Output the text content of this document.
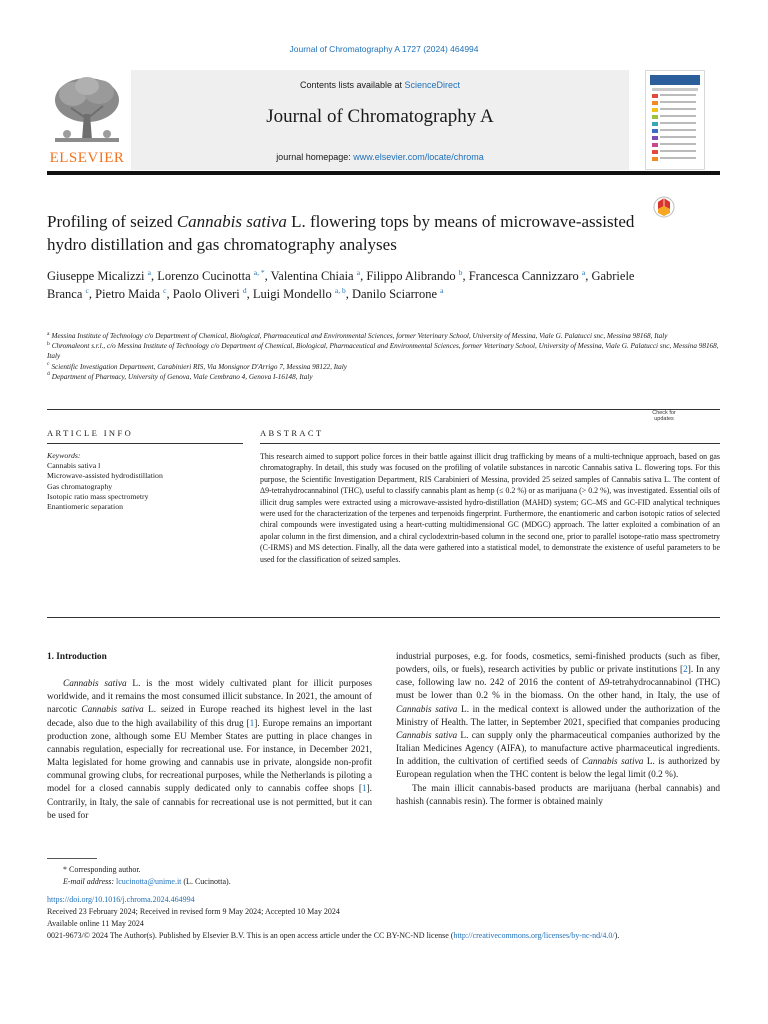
Journal of Chromatography A 1727 (2024) 464994
ELSEVIER
Contents lists available at ScienceDirect
Journal of Chromatography A
journal homepage: www.elsevier.com/locate/chroma
Check for
updates
Profiling of seized Cannabis sativa L. flowering tops by means of microwave-assisted hydro distillation and gas chromatography analyses
Giuseppe Micalizzi $^a$, Lorenzo Cucinotta $^{a, *}$, Valentina Chiaia $^a$, Filippo Alibrando $^b$, Francesca Cannizzaro $^a$, Gabriele Branca $^c$, Pietro Maida $^c$, Paolo Oliveri $^d$, Luigi Mondello $^{a, b}$, Danilo Sciarrone $^a$
$^a$ Messina Institute of Technology c/o Department of Chemical, Biological, Pharmaceutical and Environmental Sciences, former Veterinary School, University of Messina, Viale G. Palatucci snc, Messina 98168, Italy
$^b$ Chromaleont s.r.l., c/o Messina Institute of Technology c/o Department of Chemical, Biological, Pharmaceutical and Environmental Sciences, former Veterinary School, University of Messina, Viale G. Palatucci snc, Messina 98168, Italy
$^c$ Scientific Investigation Department, Carabinieri RIS, Via Monsignor D'Arrigo 7, Messina 98122, Italy
$^d$ Department of Pharmacy, University of Genova, Viale Cembrano 4, Genova I-16148, Italy
ARTICLE INFO	ABSTRACT
Keywords:
Cannabis sativa l
Microwave-assisted hydrodistillation
Gas chromatography
Isotopic ratio mass spectrometry
Enantiomeric separation

This research aimed to support police forces in their battle against illicit drug trafficking by means of a multi-technique approach, based on gas chromatography. In detail, this study was focused on the profiling of volatile substances in narcotic Cannabis sativa L. flowering tops. For this purpose, the Scientific Investigation Department, RIS Carabinieri of Messina, provided 25 seized samples of Cannabis sativa L. The content of Δ9-tetrahydrocannabinol (THC), useful to classify cannabis plant as hemp (≤ 0.2 %) or as marijuana (> 0.2 %), was investigated. Essential oils of illicit drug samples were extracted using a microwave-assisted hydro-distillation (MAHD) system; GC–MS and GC-FID analytical techniques were used for the characterization of the terpenes and terpenoids fingerprint. Furthermore, the enantiomeric and carbon isotopic ratios of selected chiral compounds were investigated using a heart-cutting multidimensional GC (MDGC) approach. The latter exploited a combination of an apolar column in the first dimension, and a chiral cyclodextrin-based column in the second one, prior to parallel isotope-ratio mass spectrometry (C-IRMS) and MS detection. Finally, all the data were gathered into a statistical model, to demonstrate the existence of useful parameters to be used for the classification of seized samples.

1. Introduction

Cannabis sativa L. is the most widely cultivated plant for illicit purposes worldwide, and it remains the most consumed illicit substance. In 2021, the amount of narcotic Cannabis sativa L. seized in Europe reached its highest level in the last decade, also due to the high availability of this drug [1]. Europe remains an important production zone, although some EU Member States are putting in place changes in cannabis regulation, especially for recreational use. For instance, in December 2021, Malta legislated for home growing and cannabis use in private, alongside non-profit communal growing clubs, for recreational purposes, while the Netherlands is piloting a model for a closed cannabis supply dedicated only to cannabis coffee shops [1]. Contrarily, in Italy, the sale of cannabis for recreational use is not permitted, but it can be used for

industrial purposes, e.g. for foods, cosmetics, semi-finished products (such as fiber, powders, oils, or fuels), research activities by public or private institutions [2]. In any case, following law no. 242 of 2016 the content of Δ9-tetrahydrocannabinol (THC) must be lower than 0.2 % in the biomass. On the other hand, in Italy, the use of Cannabis sativa L. in the medical context is allowed under the authorization of the Ministry of Health. The latter, in September 2021, specified that companies producing Cannabis sativa L. can supply only the pharmaceutical companies authorized by the Italian Medicines Agency (AIFA), to manufacture active pharmaceutical ingredients. In addition, the cultivation of certified seeds of Cannabis sativa L. is authorized by European regulation when the THC content is below the legal limit (0.2 %).

The main illicit cannabis-based products are marijuana (herbal cannabis) and hashish (cannabis resin). The former is obtained mainly

* Corresponding author.
E-mail address: lcucinotta@unime.it (L. Cucinotta).
https://doi.org/10.1016/j.chroma.2024.464994
Received 23 February 2024; Received in revised form 9 May 2024; Accepted 10 May 2024
Available online 11 May 2024
0021-9673/© 2024 The Author(s). Published by Elsevier B.V. This is an open access article under the CC BY-NC-ND license (http://creativecommons.org/licenses/by-nc-nd/4.0/).
